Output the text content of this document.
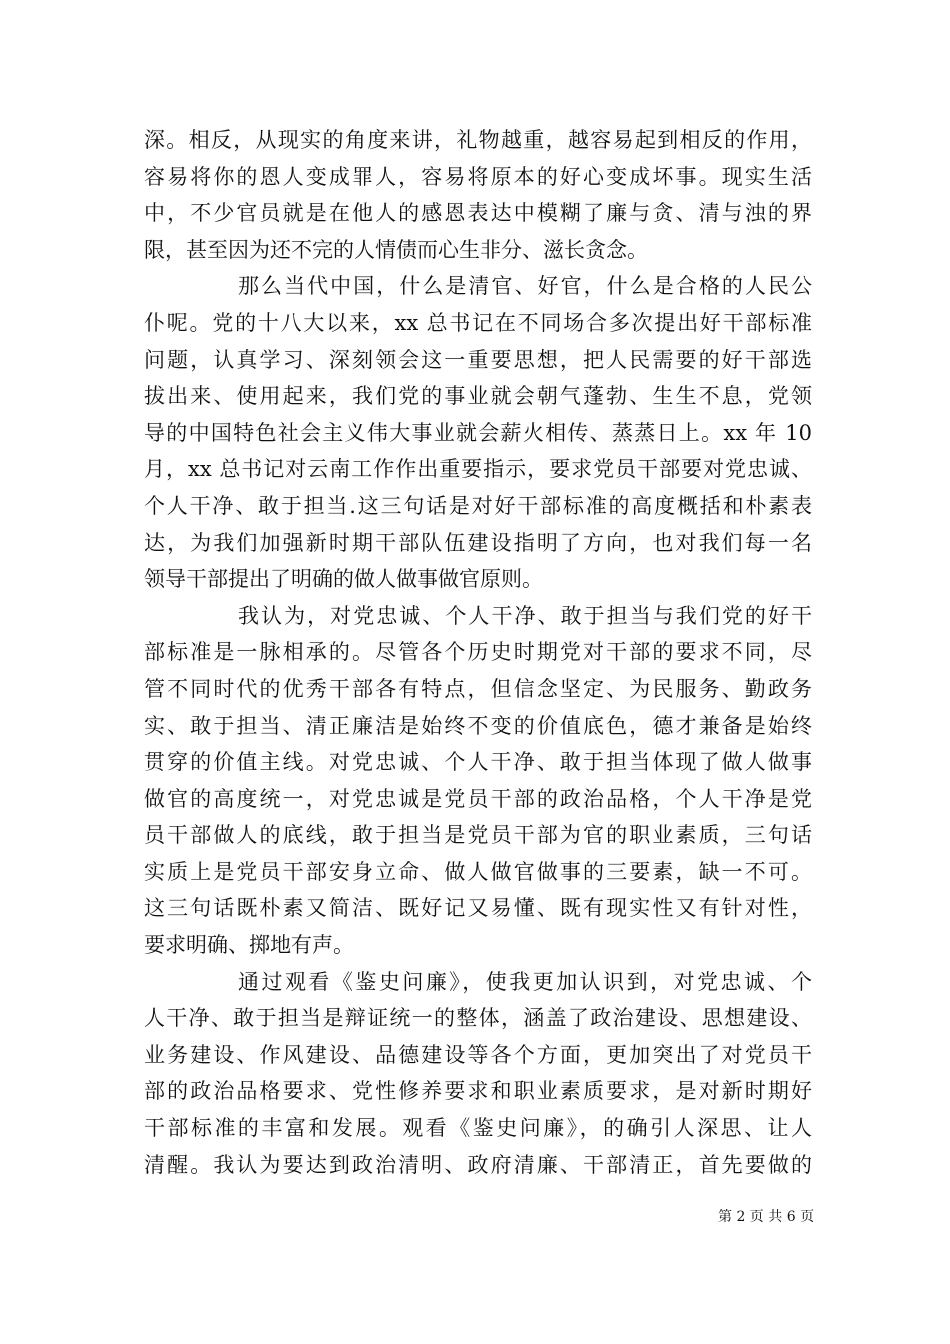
深。相反，从现实的角度来讲，礼物越重，越容易起到相反的作用，
容易将你的恩人变成罪人，容易将原本的好心变成坏事。现实生活
中，不少官员就是在他人的感恩表达中模糊了廉与贪、清与浊的界
限，甚至因为还不完的人情债而心生非分、滋长贪念。
那么当代中国，什么是清官、好官，什么是合格的人民公
仆呢。党的十八大以来，xx 总书记在不同场合多次提出好干部标准
问题，认真学习、深刻领会这一重要思想，把人民需要的好干部选
拔出来、使用起来，我们党的事业就会朝气蓬勃、生生不息，党领
导的中国特色社会主义伟大事业就会薪火相传、蒸蒸日上。xx 年 10
月，xx 总书记对云南工作作出重要指示，要求党员干部要对党忠诚、
个人干净、敢于担当.这三句话是对好干部标准的高度概括和朴素表
达，为我们加强新时期干部队伍建设指明了方向，也对我们每一名
领导干部提出了明确的做人做事做官原则。
我认为，对党忠诚、个人干净、敢于担当与我们党的好干
部标准是一脉相承的。尽管各个历史时期党对干部的要求不同，尽
管不同时代的优秀干部各有特点，但信念坚定、为民服务、勤政务
实、敢于担当、清正廉洁是始终不变的价值底色，德才兼备是始终
贯穿的价值主线。对党忠诚、个人干净、敢于担当体现了做人做事
做官的高度统一，对党忠诚是党员干部的政治品格，个人干净是党
员干部做人的底线，敢于担当是党员干部为官的职业素质，三句话
实质上是党员干部安身立命、做人做官做事的三要素，缺一不可。
这三句话既朴素又简洁、既好记又易懂、既有现实性又有针对性，
要求明确、掷地有声。
通过观看《鉴史问廉》，使我更加认识到，对党忠诚、个
人干净、敢于担当是辩证统一的整体，涵盖了政治建设、思想建设、
业务建设、作风建设、品德建设等各个方面，更加突出了对党员干
部的政治品格要求、党性修养要求和职业素质要求，是对新时期好
干部标准的丰富和发展。观看《鉴史问廉》，的确引人深思、让人
清醒。我认为要达到政治清明、政府清廉、干部清正，首先要做的
第 2 页 共 6 页
